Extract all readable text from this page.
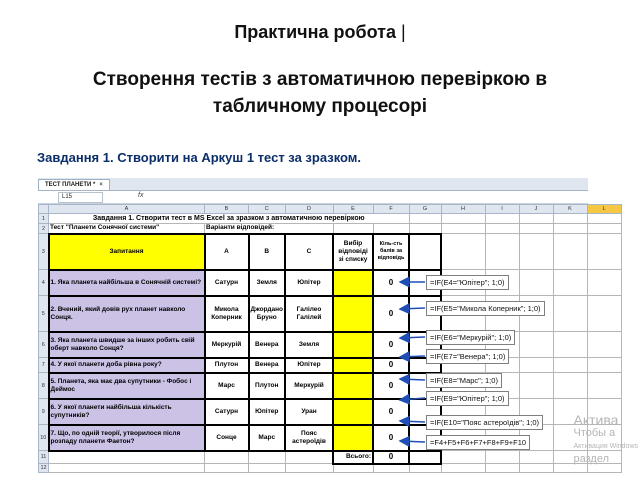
Практична робота |
Створення тестів з автоматичною перевіркою в
табличному процесорі
Завдання 1. Створити на Аркуш 1 тест за зразком.
ТЕСТ ПЛАНЕТИ * ×
L15	fx
	A	B	C	D	E	F	G	H	I	J	K	L
1	Завдання 1. Створити тест в MS Excel за зразком з автоматичною перевіркою											
2	Тест "Планети Сонячної системи"	Варіанти відповідей:										
3	Запитання	А	В	С	Вибір відповіді зі списку	Кіль-сть балів за відповідь						
4	1. Яка планета найбільша в Сонячній системі?	Сатурн	Земля	Юпітер		0						
5	2. Вчений, який довів рух планет навколо Сонця.	Микола Коперник	Джордано Бруно	Галілео Галілей		0						
6	3. Яка планета швидше за інших робить свій оберт навколо Сонця?	Меркурій	Венера	Земля		0						
7	4. У якої планети доба рівна року?	Плутон	Венера	Юпітер		0						
8	5. Планета, яка має два супутники - Фобос і Деймос	Марс	Плутон	Меркурій		0						
9	6. У якої планети найбільша кількість супутників?	Сатурн	Юпітер	Уран		0						
10	7. Що, по одній теорії, утворилося після розпаду планети Фаетон?	Сонце	Марс	Пояс астероїдів		0						
11					Всього:	0						
12												
=IF(E4="Юпітер"; 1;0)
=IF(E5="Микола Коперник"; 1;0)
=IF(E6="Меркурій"; 1;0)
=IF(E7="Венера"; 1;0)
=IF(E8="Марс"; 1;0)
=IF(E9="Юпітер"; 1;0)
=IF(E10="Пояс астероїдів"; 1;0)
=F4+F5+F6+F7+F8+F9+F10
Актива
Чтобы а
Активация Windows
раздел
